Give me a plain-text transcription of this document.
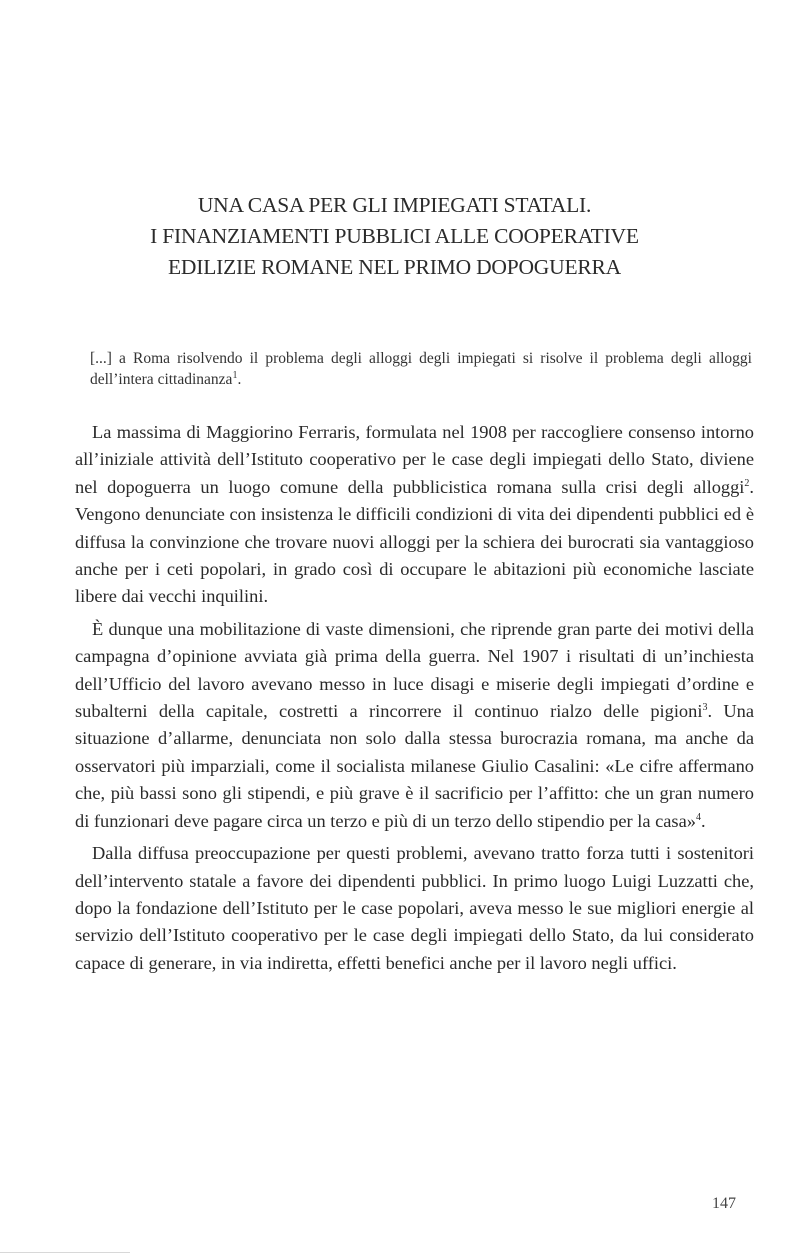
UNA CASA PER GLI IMPIEGATI STATALI.
I FINANZIAMENTI PUBBLICI ALLE COOPERATIVE
EDILIZIE ROMANE NEL PRIMO DOPOGUERRA
[...] a Roma risolvendo il problema degli alloggi degli impiegati si risolve il problema degli alloggi dell’intera cittadinanza$^1$.

La massima di Maggiorino Ferraris, formulata nel 1908 per raccogliere consenso intorno all’iniziale attività dell’Istituto cooperativo per le case degli impiegati dello Stato, diviene nel dopoguerra un luogo comune della pubblicistica romana sulla crisi degli alloggi$^2$. Vengono denunciate con insistenza le difficili condizioni di vita dei dipendenti pubblici ed è diffusa la convinzione che trovare nuovi alloggi per la schiera dei burocrati sia vantaggioso anche per i ceti popolari, in grado così di occupare le abitazioni più economiche lasciate libere dai vecchi inquilini.

È dunque una mobilitazione di vaste dimensioni, che riprende gran parte dei motivi della campagna d’opinione avviata già prima della guerra. Nel 1907 i risultati di un’inchiesta dell’Ufficio del lavoro avevano messo in luce disagi e miserie degli impiegati d’ordine e subalterni della capitale, costretti a rincorrere il continuo rialzo delle pigioni$^3$. Una situazione d’allarme, denunciata non solo dalla stessa burocrazia romana, ma anche da osservatori più imparziali, come il socialista milanese Giulio Casalini: «Le cifre affermano che, più bassi sono gli stipendi, e più grave è il sacrificio per l’affitto: che un gran numero di funzionari deve pagare circa un terzo e più di un terzo dello stipendio per la casa»$^4$.

Dalla diffusa preoccupazione per questi problemi, avevano tratto forza tutti i sostenitori dell’intervento statale a favore dei dipendenti pubblici. In primo luogo Luigi Luzzatti che, dopo la fondazione dell’Istituto per le case popolari, aveva messo le sue migliori energie al servizio dell’Istituto cooperativo per le case degli impiegati dello Stato, da lui considerato capace di generare, in via indiretta, effetti benefici anche per il lavoro negli uffici.

147
